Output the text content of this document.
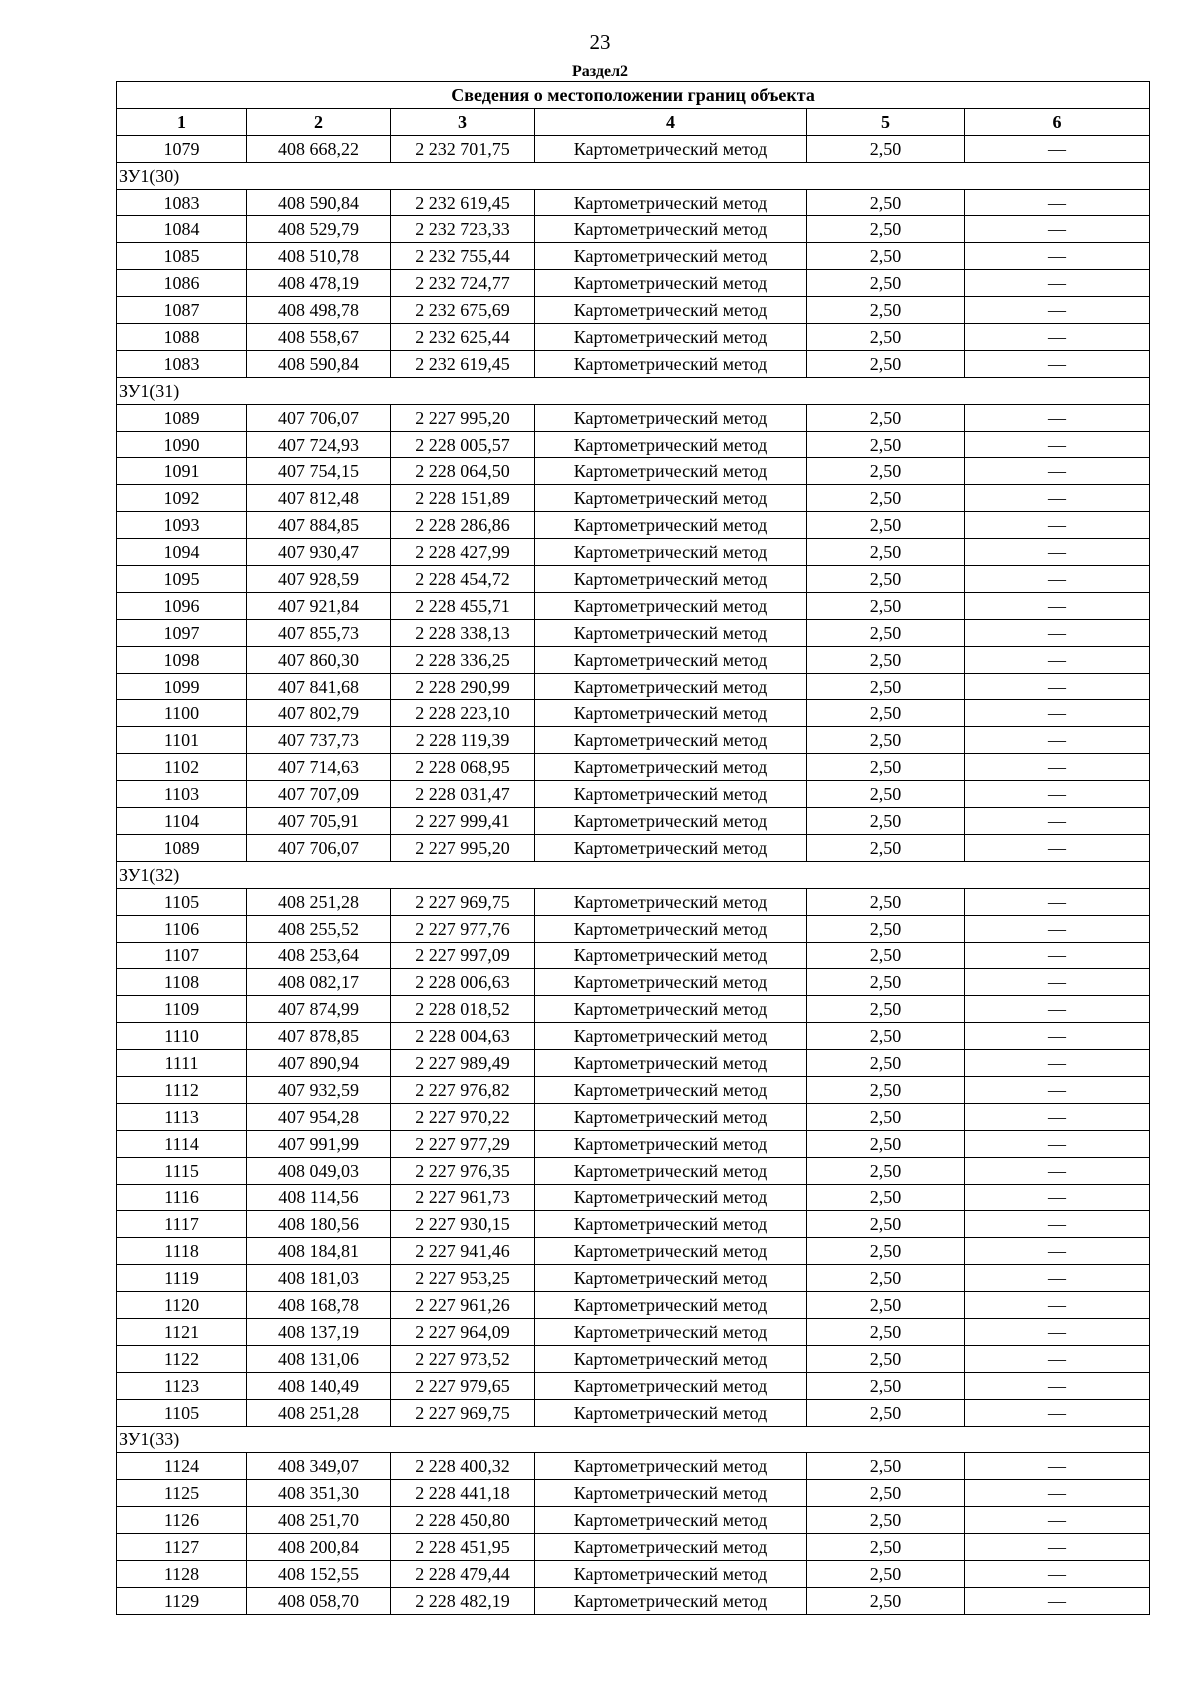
23
Раздел2
Сведения о местоположении границ объекта					
1	2	3	4	5	6
1079	408 668,22	2 232 701,75	Картометрический метод	2,50	—
ЗУ1(30)					
1083	408 590,84	2 232 619,45	Картометрический метод	2,50	—
1084	408 529,79	2 232 723,33	Картометрический метод	2,50	—
1085	408 510,78	2 232 755,44	Картометрический метод	2,50	—
1086	408 478,19	2 232 724,77	Картометрический метод	2,50	—
1087	408 498,78	2 232 675,69	Картометрический метод	2,50	—
1088	408 558,67	2 232 625,44	Картометрический метод	2,50	—
1083	408 590,84	2 232 619,45	Картометрический метод	2,50	—
ЗУ1(31)					
1089	407 706,07	2 227 995,20	Картометрический метод	2,50	—
1090	407 724,93	2 228 005,57	Картометрический метод	2,50	—
1091	407 754,15	2 228 064,50	Картометрический метод	2,50	—
1092	407 812,48	2 228 151,89	Картометрический метод	2,50	—
1093	407 884,85	2 228 286,86	Картометрический метод	2,50	—
1094	407 930,47	2 228 427,99	Картометрический метод	2,50	—
1095	407 928,59	2 228 454,72	Картометрический метод	2,50	—
1096	407 921,84	2 228 455,71	Картометрический метод	2,50	—
1097	407 855,73	2 228 338,13	Картометрический метод	2,50	—
1098	407 860,30	2 228 336,25	Картометрический метод	2,50	—
1099	407 841,68	2 228 290,99	Картометрический метод	2,50	—
1100	407 802,79	2 228 223,10	Картометрический метод	2,50	—
1101	407 737,73	2 228 119,39	Картометрический метод	2,50	—
1102	407 714,63	2 228 068,95	Картометрический метод	2,50	—
1103	407 707,09	2 228 031,47	Картометрический метод	2,50	—
1104	407 705,91	2 227 999,41	Картометрический метод	2,50	—
1089	407 706,07	2 227 995,20	Картометрический метод	2,50	—
ЗУ1(32)					
1105	408 251,28	2 227 969,75	Картометрический метод	2,50	—
1106	408 255,52	2 227 977,76	Картометрический метод	2,50	—
1107	408 253,64	2 227 997,09	Картометрический метод	2,50	—
1108	408 082,17	2 228 006,63	Картометрический метод	2,50	—
1109	407 874,99	2 228 018,52	Картометрический метод	2,50	—
1110	407 878,85	2 228 004,63	Картометрический метод	2,50	—
1111	407 890,94	2 227 989,49	Картометрический метод	2,50	—
1112	407 932,59	2 227 976,82	Картометрический метод	2,50	—
1113	407 954,28	2 227 970,22	Картометрический метод	2,50	—
1114	407 991,99	2 227 977,29	Картометрический метод	2,50	—
1115	408 049,03	2 227 976,35	Картометрический метод	2,50	—
1116	408 114,56	2 227 961,73	Картометрический метод	2,50	—
1117	408 180,56	2 227 930,15	Картометрический метод	2,50	—
1118	408 184,81	2 227 941,46	Картометрический метод	2,50	—
1119	408 181,03	2 227 953,25	Картометрический метод	2,50	—
1120	408 168,78	2 227 961,26	Картометрический метод	2,50	—
1121	408 137,19	2 227 964,09	Картометрический метод	2,50	—
1122	408 131,06	2 227 973,52	Картометрический метод	2,50	—
1123	408 140,49	2 227 979,65	Картометрический метод	2,50	—
1105	408 251,28	2 227 969,75	Картометрический метод	2,50	—
ЗУ1(33)					
1124	408 349,07	2 228 400,32	Картометрический метод	2,50	—
1125	408 351,30	2 228 441,18	Картометрический метод	2,50	—
1126	408 251,70	2 228 450,80	Картометрический метод	2,50	—
1127	408 200,84	2 228 451,95	Картометрический метод	2,50	—
1128	408 152,55	2 228 479,44	Картометрический метод	2,50	—
1129	408 058,70	2 228 482,19	Картометрический метод	2,50	—
